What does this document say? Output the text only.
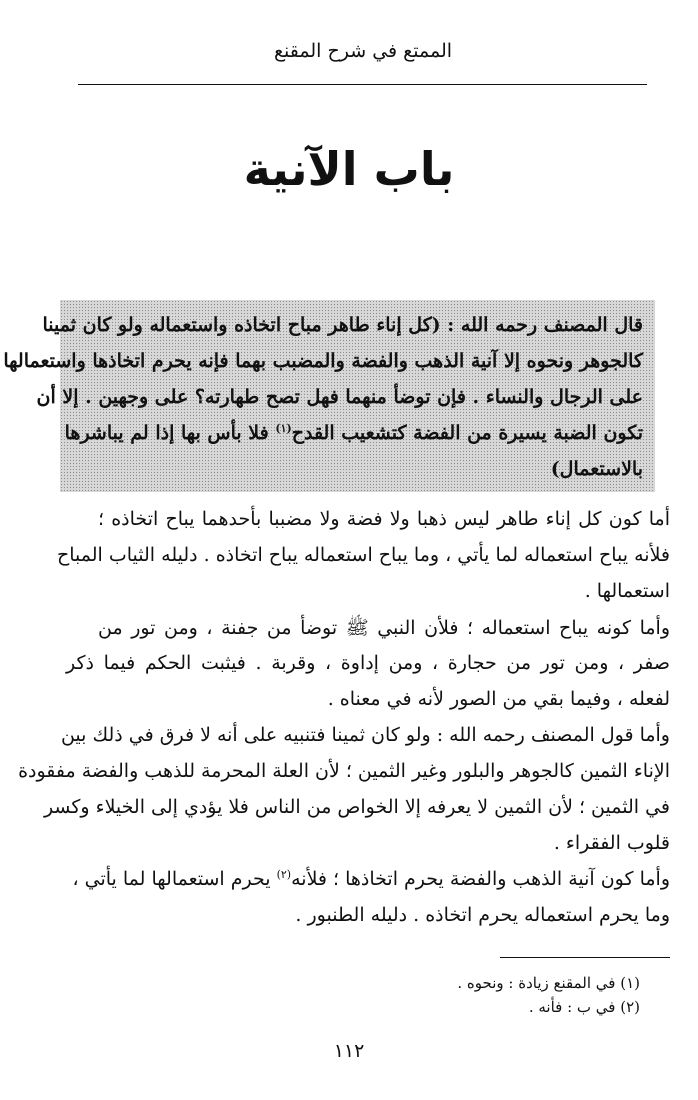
الممتع في شرح المقنع
باب الآنية
قال المصنف رحمه الله : (كل إناء طاهر مباح اتخاذه واستعماله ولو كان ثمينا
كالجوهر ونحوه إلا آنية الذهب والفضة والمضبب بهما فإنه يحرم اتخاذها واستعمالها
على الرجال والنساء . فإن توضأ منهما فهل تصح طهارته؟ على وجهين . إلا أن
تكون الضبة يسيرة من الفضة كتشعيب القدح$^{(١)}$ فلا بأس بها إذا لم يباشرها
بالاستعمال)
أما كون كل إناء طاهر ليس ذهبا ولا فضة ولا مضببا بأحدهما يباح اتخاذه ؛
فلأنه يباح استعماله لما يأتي ، وما يباح استعماله يباح اتخاذه . دليله الثياب المباح
استعمالها .
وأما كونه يباح استعماله ؛ فلأن النبي ﷺ توضأ من جفنة ، ومن تور من
صفر ، ومن تور من حجارة ، ومن إداوة ، وقربة . فيثبت الحكم فيما ذكر
لفعله ، وفيما بقي من الصور لأنه في معناه .
وأما قول المصنف رحمه الله : ولو كان ثمينا فتنبيه على أنه لا فرق في ذلك بين
الإناء الثمين كالجوهر والبلور وغير الثمين ؛ لأن العلة المحرمة للذهب والفضة مفقودة
في الثمين ؛ لأن الثمين لا يعرفه إلا الخواص من الناس فلا يؤدي إلى الخيلاء وكسر
قلوب الفقراء .
وأما كون آنية الذهب والفضة يحرم اتخاذها ؛ فلأنه$^{(٢)}$ يحرم استعمالها لما يأتي ،
وما يحرم استعماله يحرم اتخاذه . دليله الطنبور .
(١) في المقنع زيادة : ونحوه .
(٢) في ب : فأنه .
١١٢
